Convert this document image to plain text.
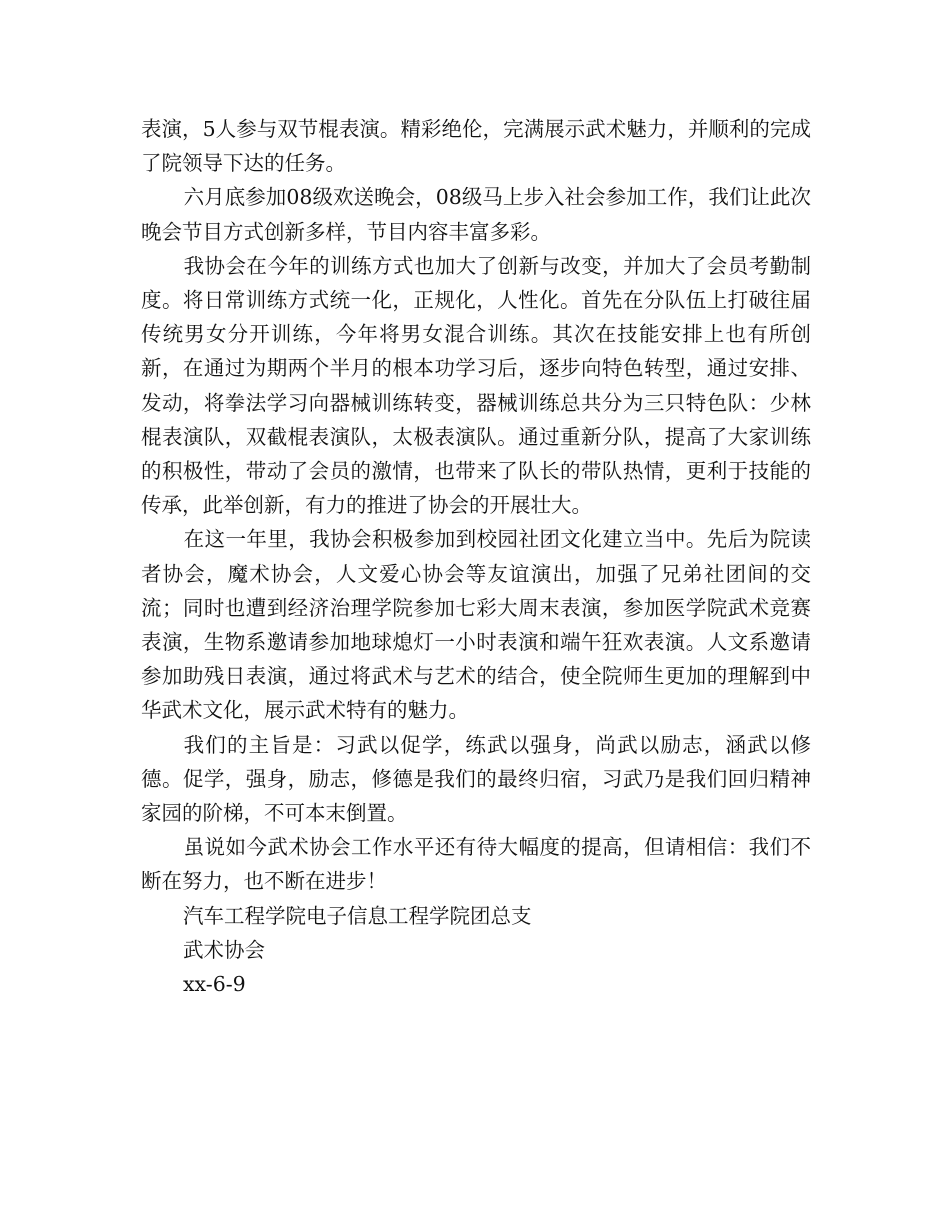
表演，5人参与双节棍表演。精彩绝伦，完满展示武术魅力，并顺利的完成了院领导下达的任务。

六月底参加08级欢送晚会，08级马上步入社会参加工作，我们让此次晚会节目方式创新多样，节目内容丰富多彩。

我协会在今年的训练方式也加大了创新与改变，并加大了会员考勤制度。将日常训练方式统一化，正规化，人性化。首先在分队伍上打破往届传统男女分开训练，今年将男女混合训练。其次在技能安排上也有所创新，在通过为期两个半月的根本功学习后，逐步向特色转型，通过安排、发动，将拳法学习向器械训练转变，器械训练总共分为三只特色队：少林棍表演队，双截棍表演队，太极表演队。通过重新分队，提高了大家训练的积极性，带动了会员的激情，也带来了队长的带队热情，更利于技能的传承，此举创新，有力的推进了协会的开展壮大。

在这一年里，我协会积极参加到校园社团文化建立当中。先后为院读者协会，魔术协会，人文爱心协会等友谊演出，加强了兄弟社团间的交流；同时也遭到经济治理学院参加七彩大周末表演，参加医学院武术竞赛表演，生物系邀请参加地球熄灯一小时表演和端午狂欢表演。人文系邀请参加助残日表演，通过将武术与艺术的结合，使全院师生更加的理解到中华武术文化，展示武术特有的魅力。

我们的主旨是：习武以促学，练武以强身，尚武以励志，涵武以修德。促学，强身，励志，修德是我们的最终归宿，习武乃是我们回归精神家园的阶梯，不可本末倒置。

虽说如今武术协会工作水平还有待大幅度的提高，但请相信：我们不断在努力，也不断在进步！

汽车工程学院电子信息工程学院团总支

武术协会

xx-6-9
